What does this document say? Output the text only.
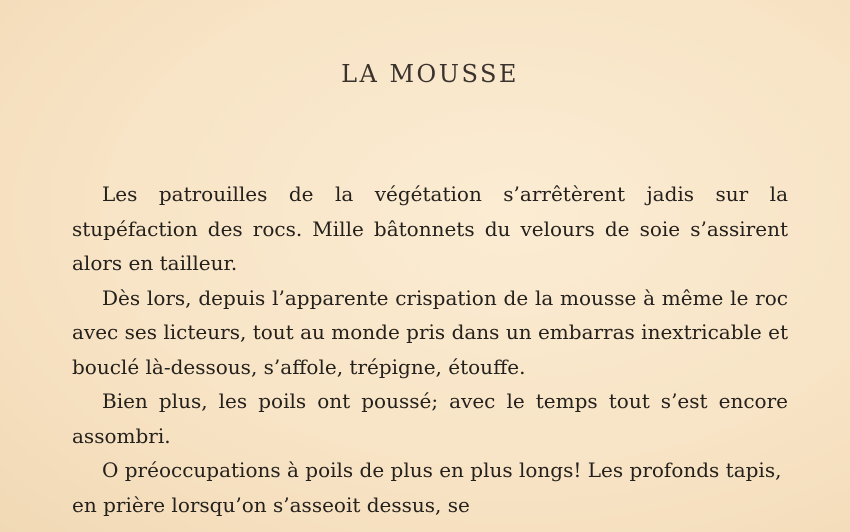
LA MOUSSE

Les patrouilles de la végétation s’arrêtèrent jadis sur la stupéfaction des rocs. Mille bâtonnets du velours de soie s’assirent alors en tailleur.

Dès lors, depuis l’apparente crispation de la mousse à même le roc avec ses licteurs, tout au monde pris dans un embarras inextricable et bouclé là-dessous, s’affole, trépigne, étouffe.

Bien plus, les poils ont poussé; avec le temps tout s’est encore assombri.

O préoccupations à poils de plus en plus longs! Les profonds tapis, en prière lorsqu’on s’asseoit dessus, se
